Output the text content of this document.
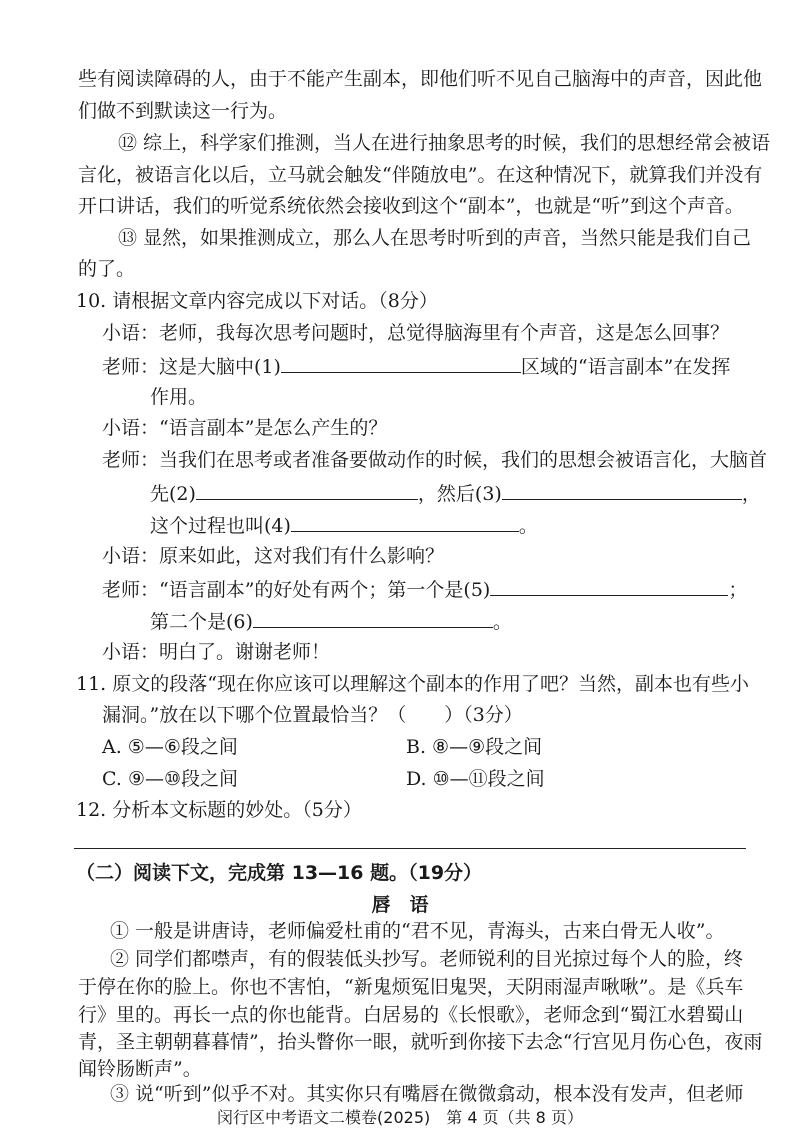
些有阅读障碍的人，由于不能产生副本，即他们听不见自己脑海中的声音，因此他
们做不到默读这一行为。
⑫ 综上，科学家们推测，当人在进行抽象思考的时候，我们的思想经常会被语
言化，被语言化以后，立马就会触发“伴随放电”。在这种情况下，就算我们并没有
开口讲话，我们的听觉系统依然会接收到这个“副本”，也就是“听”到这个声音。
⑬ 显然，如果推测成立，那么人在思考时听到的声音，当然只能是我们自己
的了。
10. 请根据文章内容完成以下对话。（8分）
小语：老师，我每次思考问题时，总觉得脑海里有个声音，这是怎么回事？
老师：这是大脑中(1)	区域的“语言副本”在发挥
作用。
小语：“语言副本”是怎么产生的？
老师：当我们在思考或者准备要做动作的时候，我们的思想会被语言化，大脑首
先(2)	，然后(3)	，
这个过程也叫(4)	。
小语：原来如此，这对我们有什么影响？
老师：“语言副本”的好处有两个；第一个是(5)	；
第二个是(6)	。
小语：明白了。谢谢老师！
11. 原文的段落“现在你应该可以理解这个副本的作用了吧？当然，副本也有些小
漏洞。”放在以下哪个位置最恰当？（　　）（3分）
A. ⑤—⑥段之间	B. ⑧—⑨段之间
C. ⑨—⑩段之间	D. ⑩—⑪段之间
12. 分析本文标题的妙处。（5分）
（二）阅读下文，完成第 13—16 题。（19分）
唇　语
① 一般是讲唐诗，老师偏爱杜甫的“君不见，青海头，古来白骨无人收”。
② 同学们都噤声，有的假装低头抄写。老师锐利的目光掠过每个人的脸，终
于停在你的脸上。你也不害怕，“新鬼烦冤旧鬼哭，天阴雨湿声啾啾”。是《兵车
行》里的。再长一点的你也能背。白居易的《长恨歌》，老师念到“蜀江水碧蜀山
青，圣主朝朝暮暮情”，抬头瞥你一眼，就听到你接下去念“行宫见月伤心色，夜雨
闻铃肠断声”。
③ 说“听到”似乎不对。其实你只有嘴唇在微微翕动，根本没有发声，但老师
闵行区中考语文二模卷(2025)　第 4 页（共 8 页）
